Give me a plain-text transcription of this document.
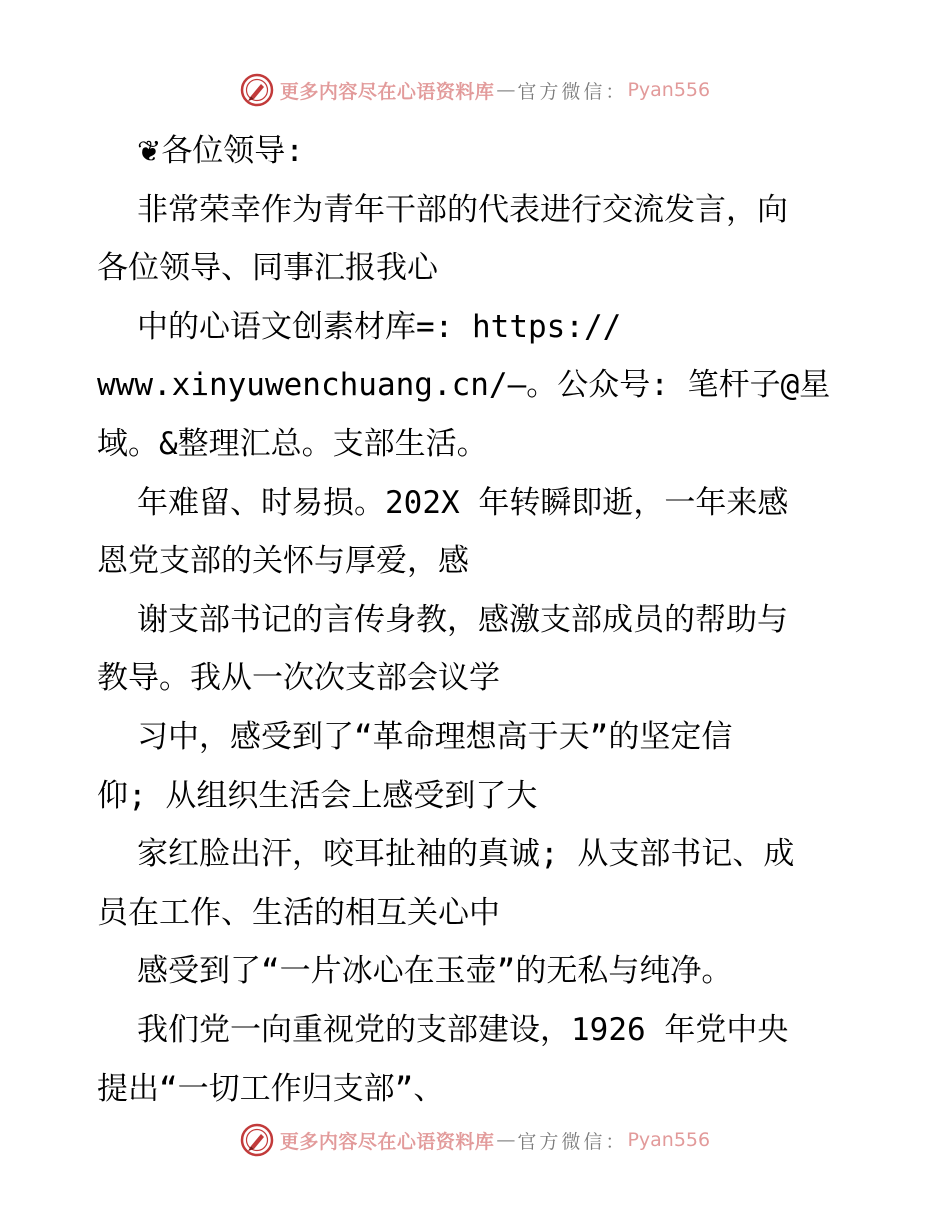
更多内容尽在心语资料库 — 官方微信： Pyan556
❦各位领导:
非常荣幸作为青年干部的代表进行交流发言，向
各位领导、同事汇报我心
中的心语文创素材库=: https://
www.xinyuwenchuang.cn/—。公众号: 笔杆子@星
域。&整理汇总。支部生活。
年难留、时易损。202X 年转瞬即逝，一年来感
恩党支部的关怀与厚爱，感
谢支部书记的言传身教，感激支部成员的帮助与
教导。我从一次次支部会议学
习中，感受到了“革命理想高于天”的坚定信
仰; 从组织生活会上感受到了大
家红脸出汗，咬耳扯袖的真诚; 从支部书记、成
员在工作、生活的相互关心中
感受到了“一片冰心在玉壶”的无私与纯净。
我们党一向重视党的支部建设，1926 年党中央
提出“一切工作归支部”、
更多内容尽在心语资料库 — 官方微信： Pyan556
